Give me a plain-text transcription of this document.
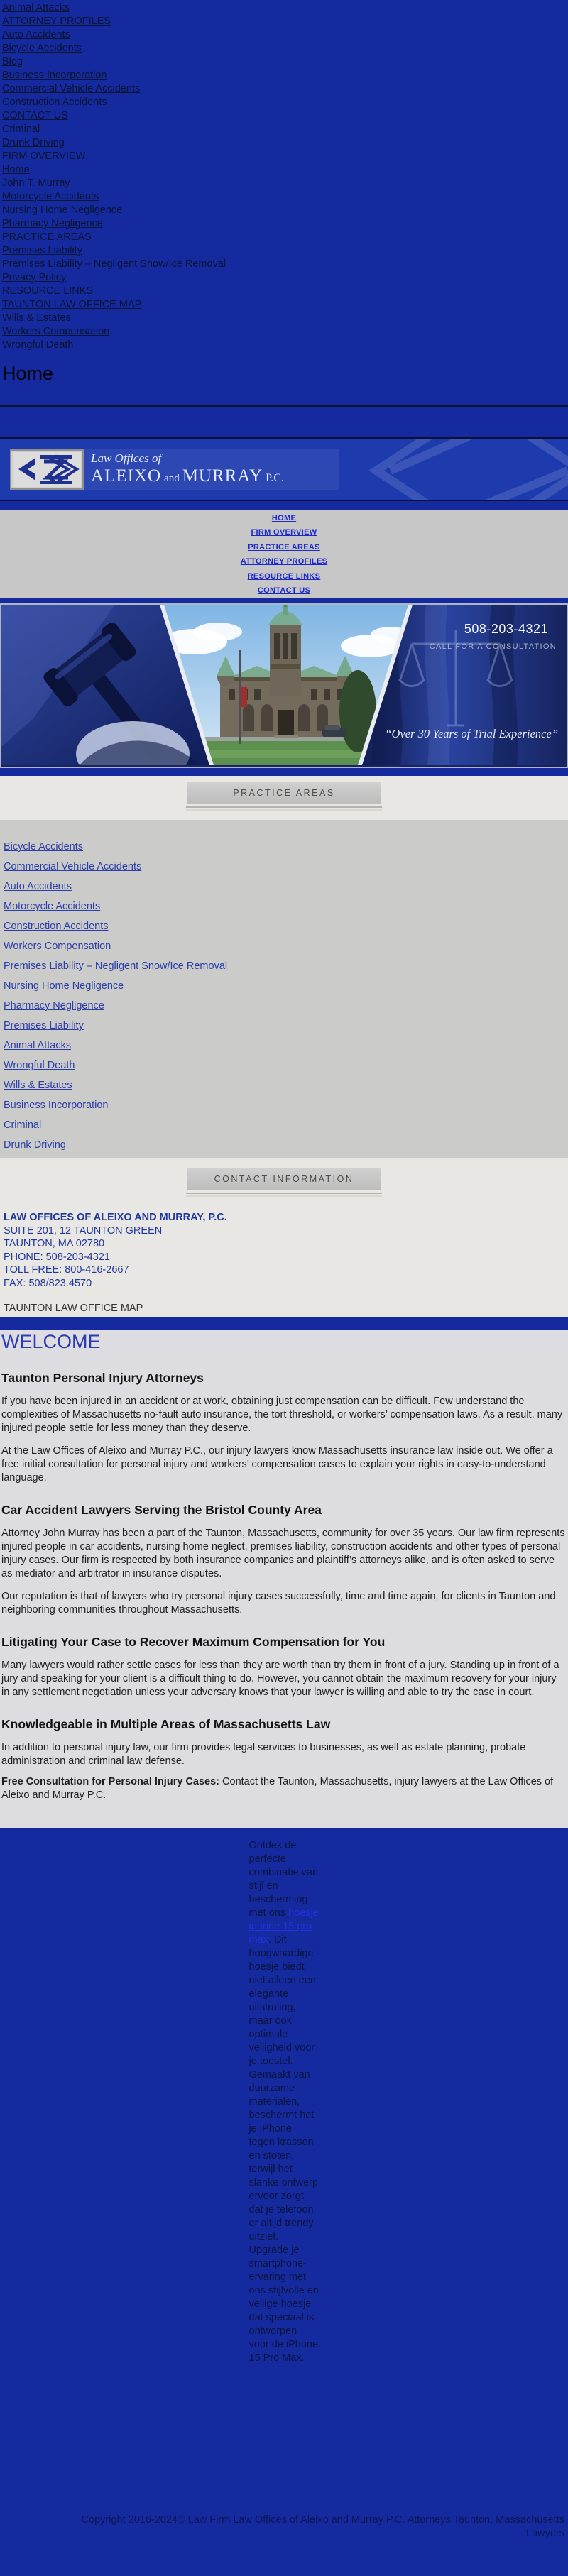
Animal Attacks
ATTORNEY PROFILES
Auto Accidents
Bicycle Accidents
Blog
Business Incorporation
Commercial Vehicle Accidents
Construction Accidents
CONTACT US
Criminal
Drunk Driving
FIRM OVERVIEW
Home
John T. Murray
Motorcycle Accidents
Nursing Home Negligence
Pharmacy Negligence
PRACTICE AREAS
Premises Liability
Premises Liability – Negligent Snow/Ice Removal
Privacy Policy
RESOURCE LINKS
TAUNTON LAW OFFICE MAP
Wills & Estates
Workers Compensation
Wrongful Death
Home
Law Offices of
ALEIXO and MURRAY P.C.
HOME
FIRM OVERVIEW
PRACTICE AREAS
ATTORNEY PROFILES
RESOURCE LINKS
CONTACT US
508-203-4321
CALL FOR A CONSULTATION
“Over 30 Years of Trial Experience”
PRACTICE AREAS
Bicycle Accidents
Commercial Vehicle Accidents
Auto Accidents
Motorcycle Accidents
Construction Accidents
Workers Compensation
Premises Liability – Negligent Snow/Ice Removal
Nursing Home Negligence
Pharmacy Negligence
Premises Liability
Animal Attacks
Wrongful Death
Wills & Estates
Business Incorporation
Criminal
Drunk Driving
CONTACT INFORMATION
LAW OFFICES OF ALEIXO AND MURRAY, P.C.
SUITE 201, 12 TAUNTON GREEN
TAUNTON, MA 02780
PHONE: 508-203-4321
TOLL FREE: 800-416-2667
FAX: 508/823.4570
TAUNTON LAW OFFICE MAP
WELCOME
Taunton Personal Injury Attorneys

If you have been injured in an accident or at work, obtaining just compensation can be difficult. Few understand the complexities of Massachusetts no-fault auto insurance, the tort threshold, or workers’ compensation laws. As a result, many injured people settle for less money than they deserve.

At the Law Offices of Aleixo and Murray P.C., our injury lawyers know Massachusetts insurance law inside out. We offer a free initial consultation for personal injury and workers’ compensation cases to explain your rights in easy-to-understand language.

Car Accident Lawyers Serving the Bristol County Area

Attorney John Murray has been a part of the Taunton, Massachusetts, community for over 35 years. Our law firm represents injured people in car accidents, nursing home neglect, premises liability, construction accidents and other types of personal injury cases. Our firm is respected by both insurance companies and plaintiff’s attorneys alike, and is often asked to serve as mediator and arbitrator in insurance disputes.

Our reputation is that of lawyers who try personal injury cases successfully, time and time again, for clients in Taunton and neighboring communities throughout Massachusetts.

Litigating Your Case to Recover Maximum Compensation for You

Many lawyers would rather settle cases for less than they are worth than try them in front of a jury. Standing up in front of a jury and speaking for your client is a difficult thing to do. However, you cannot obtain the maximum recovery for your injury in any settlement negotiation unless your adversary knows that your lawyer is willing and able to try the case in court.

Knowledgeable in Multiple Areas of Massachusetts Law

In addition to personal injury law, our firm provides legal services to businesses, as well as estate planning, probate administration and criminal law defense.

Free Consultation for Personal Injury Cases: Contact the Taunton, Massachusetts, injury lawyers at the Law Offices of Aleixo and Murray P.C.

Ontdek de perfecte combinatie van stijl en bescherming met ons hoesje iphone 15 pro max. Dit hoogwaardige hoesje biedt niet alleen een elegante uitstraling, maar ook optimale veiligheid voor je toestel. Gemaakt van duurzame materialen, beschermt het je iPhone tegen krassen en stoten, terwijl het slanke ontwerp ervoor zorgt dat je telefoon er altijd trendy uitziet. Upgrade je smartphone-ervaring met ons stijlvolle en veilige hoesje dat speciaal is ontworpen voor de iPhone 15 Pro Max.
Copyright 2016-2024© Law Firm Law Offices of Aleixo and Murray P.C. Attorneys Taunton, Massachusetts
Lawyers
